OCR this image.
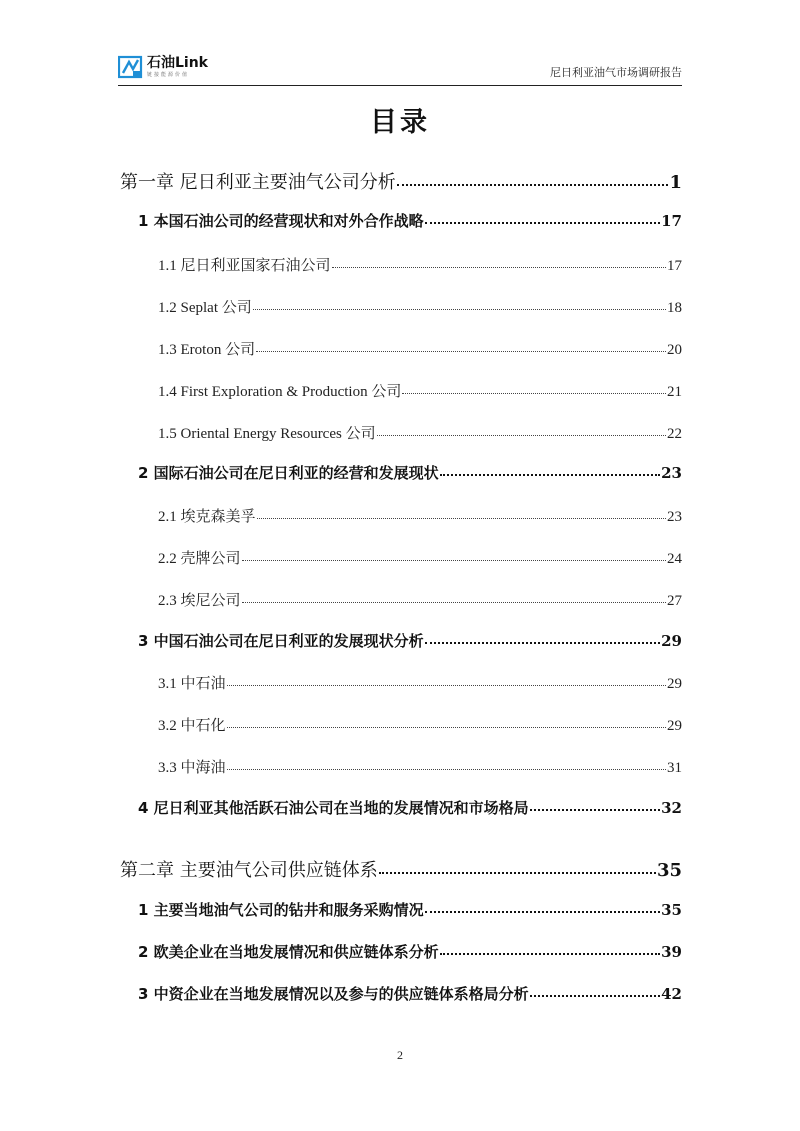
石油Link
链接能源价值	尼日利亚油气市场调研报告
目录
第一章 尼日利亚主要油气公司分析	1
1 本国石油公司的经营现状和对外合作战略	17
1.1 尼日利亚国家石油公司	17
1.2 Seplat 公司	18
1.3 Eroton 公司	20
1.4 First Exploration & Production 公司	21
1.5 Oriental Energy Resources 公司	22
2 国际石油公司在尼日利亚的经营和发展现状	23
2.1 埃克森美孚	23
2.2 壳牌公司	24
2.3 埃尼公司	27
3 中国石油公司在尼日利亚的发展现状分析	29
3.1 中石油	29
3.2 中石化	29
3.3 中海油	31
4 尼日利亚其他活跃石油公司在当地的发展情况和市场格局	32
第二章 主要油气公司供应链体系	35
1 主要当地油气公司的钻井和服务采购情况	35
2 欧美企业在当地发展情况和供应链体系分析	39
3 中资企业在当地发展情况以及参与的供应链体系格局分析	42
2
